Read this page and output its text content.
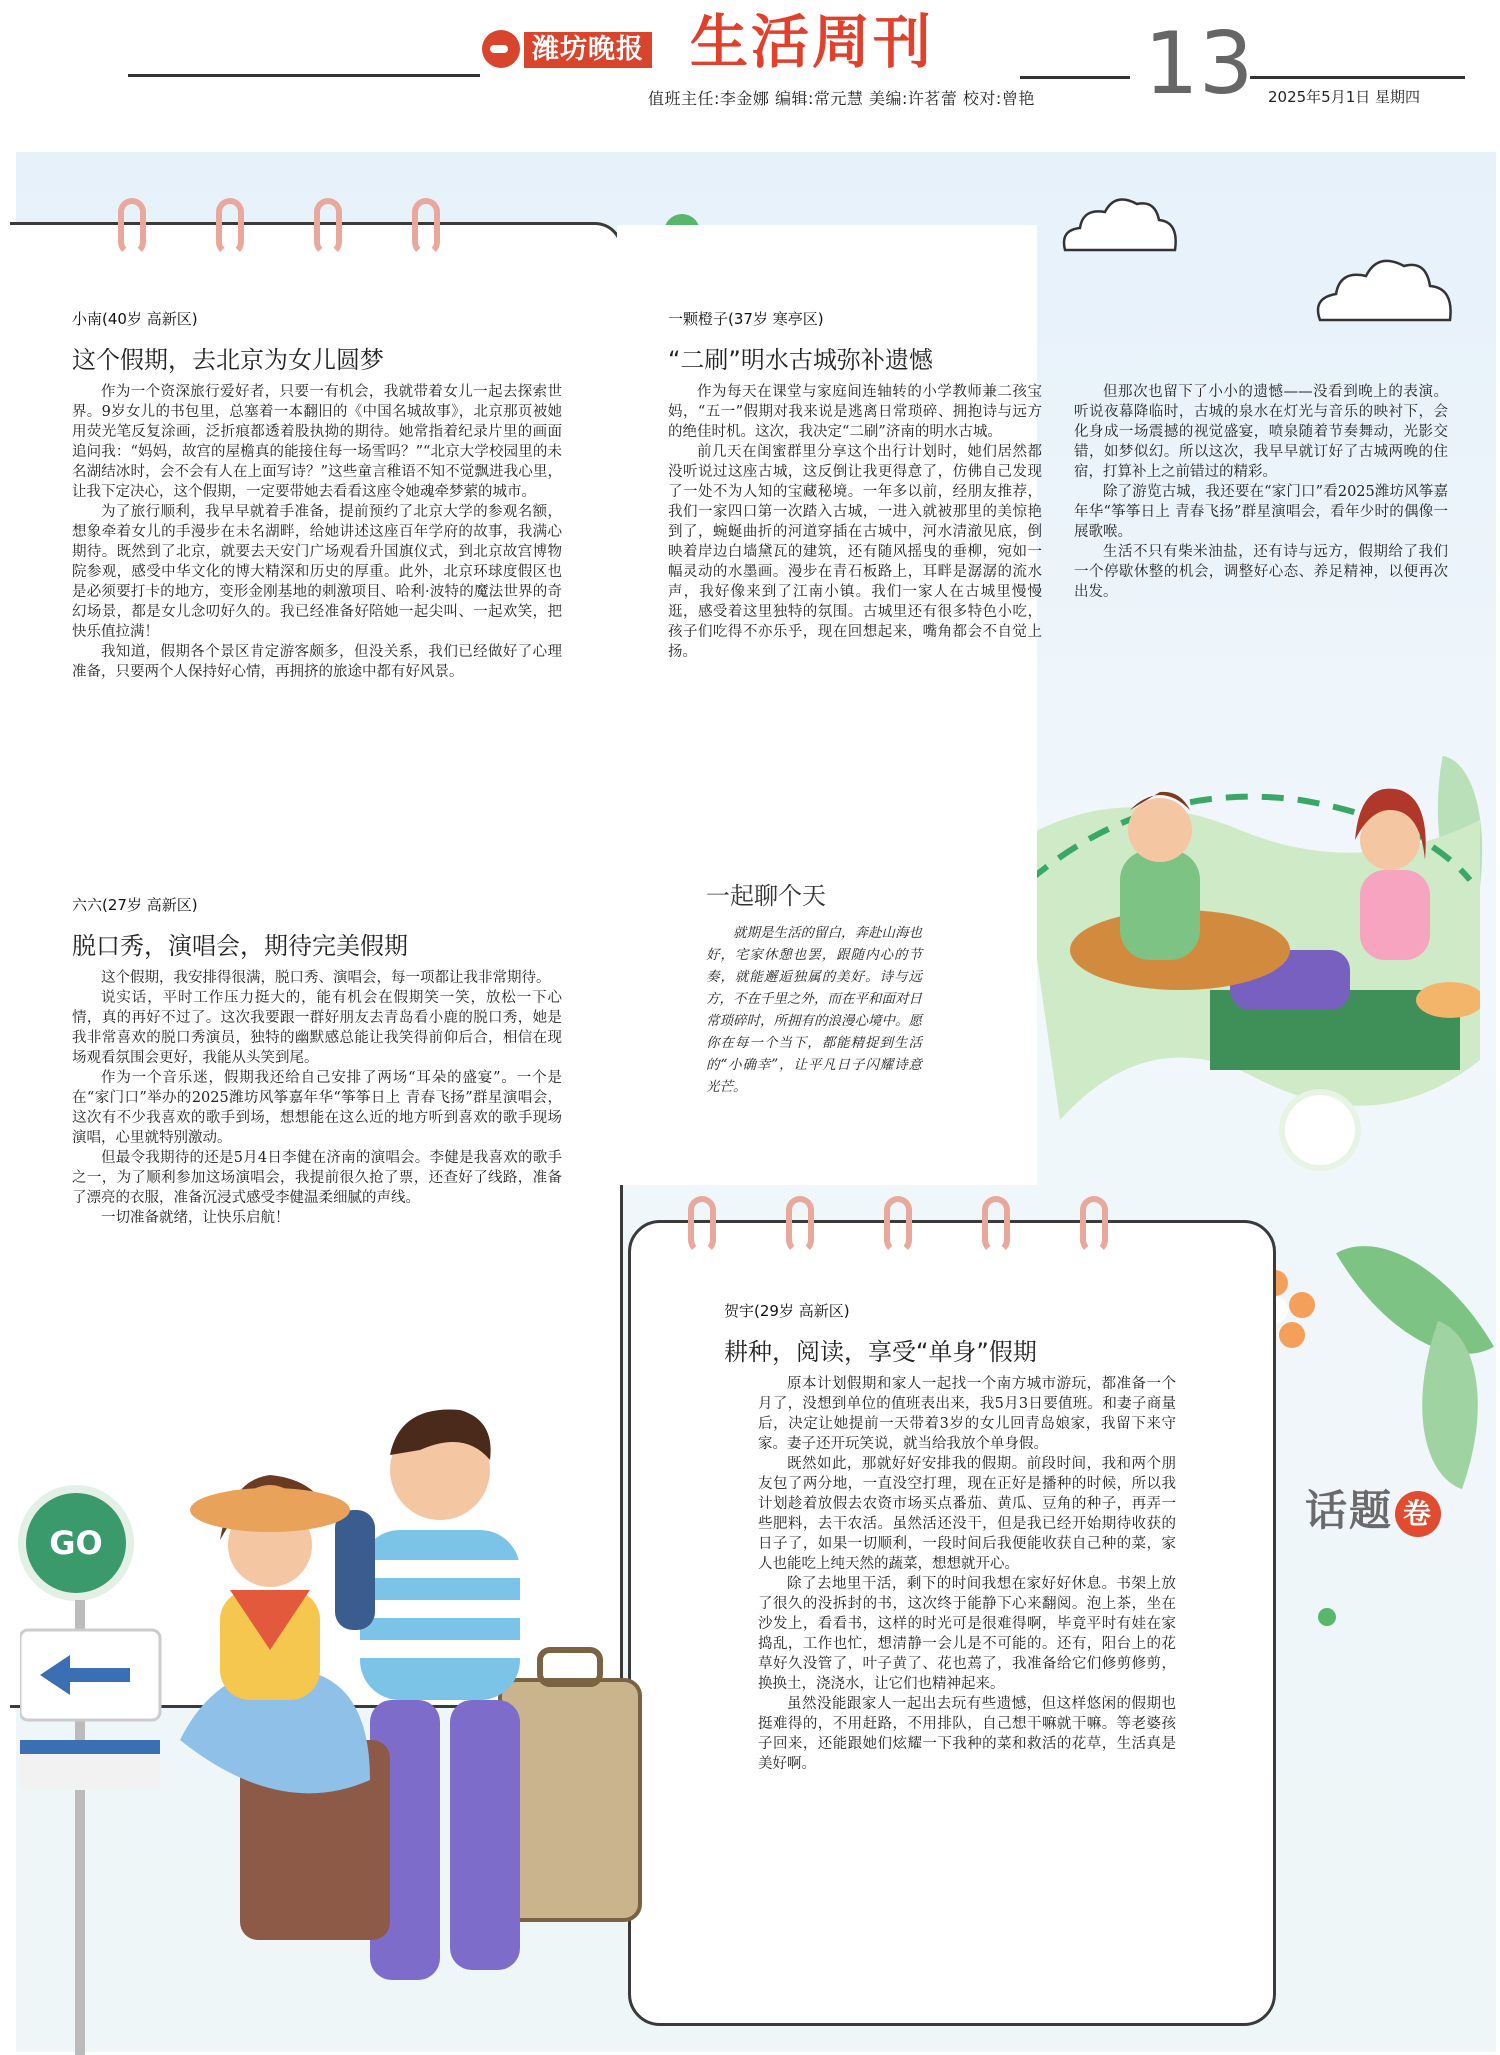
潍坊晚报 生活周刊
值班主任:李金娜 编辑:常元慧 美编:许茗蕾 校对:曾艳 13 2025年5月1日 星期四
小南(40岁 高新区)
这个假期，去北京为女儿圆梦

作为一个资深旅行爱好者，只要一有机会，我就带着女儿一起去探索世界。9岁女儿的书包里，总塞着一本翻旧的《中国名城故事》，北京那页被她用荧光笔反复涂画，泛折痕都透着股执拗的期待。她常指着纪录片里的画面追问我：“妈妈，故宫的屋檐真的能接住每一场雪吗？”“北京大学校园里的未名湖结冰时，会不会有人在上面写诗？”这些童言稚语不知不觉飘进我心里，让我下定决心，这个假期，一定要带她去看看这座令她魂牵梦萦的城市。

为了旅行顺利，我早早就着手准备，提前预约了北京大学的参观名额，想象牵着女儿的手漫步在未名湖畔，给她讲述这座百年学府的故事，我满心期待。既然到了北京，就要去天安门广场观看升国旗仪式，到北京故宫博物院参观，感受中华文化的博大精深和历史的厚重。此外，北京环球度假区也是必须要打卡的地方，变形金刚基地的刺激项目、哈利·波特的魔法世界的奇幻场景，都是女儿念叨好久的。我已经准备好陪她一起尖叫、一起欢笑，把快乐值拉满！

我知道，假期各个景区肯定游客颇多，但没关系，我们已经做好了心理准备，只要两个人保持好心情，再拥挤的旅途中都有好风景。

六六(27岁 高新区)
脱口秀，演唱会，期待完美假期

这个假期，我安排得很满，脱口秀、演唱会，每一项都让我非常期待。

说实话，平时工作压力挺大的，能有机会在假期笑一笑，放松一下心情，真的再好不过了。这次我要跟一群好朋友去青岛看小鹿的脱口秀，她是我非常喜欢的脱口秀演员，独特的幽默感总能让我笑得前仰后合，相信在现场观看氛围会更好，我能从头笑到尾。

作为一个音乐迷，假期我还给自己安排了两场“耳朵的盛宴”。一个是在“家门口”举办的2025潍坊风筝嘉年华“筝筝日上 青春飞扬”群星演唱会，这次有不少我喜欢的歌手到场，想想能在这么近的地方听到喜欢的歌手现场演唱，心里就特别激动。

但最令我期待的还是5月4日李健在济南的演唱会。李健是我喜欢的歌手之一，为了顺利参加这场演唱会，我提前很久抢了票，还查好了线路，准备了漂亮的衣服，准备沉浸式感受李健温柔细腻的声线。

一切准备就绪，让快乐启航！

一颗橙子(37岁 寒亭区)
“二刷”明水古城弥补遗憾

作为每天在课堂与家庭间连轴转的小学教师兼二孩宝妈，“五一”假期对我来说是逃离日常琐碎、拥抱诗与远方的绝佳时机。这次，我决定“二刷”济南的明水古城。

前几天在闺蜜群里分享这个出行计划时，她们居然都没听说过这座古城，这反倒让我更得意了，仿佛自己发现了一处不为人知的宝藏秘境。一年多以前，经朋友推荐，我们一家四口第一次踏入古城，一进入就被那里的美惊艳到了，蜿蜒曲折的河道穿插在古城中，河水清澈见底，倒映着岸边白墙黛瓦的建筑，还有随风摇曳的垂柳，宛如一幅灵动的水墨画。漫步在青石板路上，耳畔是潺潺的流水声，我好像来到了江南小镇。我们一家人在古城里慢慢逛，感受着这里独特的氛围。古城里还有很多特色小吃，孩子们吃得不亦乐乎，现在回想起来，嘴角都会不自觉上扬。

但那次也留下了小小的遗憾——没看到晚上的表演。听说夜幕降临时，古城的泉水在灯光与音乐的映衬下，会化身成一场震撼的视觉盛宴，喷泉随着节奏舞动，光影交错，如梦似幻。所以这次，我早早就订好了古城两晚的住宿，打算补上之前错过的精彩。

除了游览古城，我还要在“家门口”看2025潍坊风筝嘉年华“筝筝日上 青春飞扬”群星演唱会，看年少时的偶像一展歌喉。

生活不只有柴米油盐，还有诗与远方，假期给了我们一个停歇休整的机会，调整好心态、养足精神，以便再次出发。

一起聊个天
就期是生活的留白，奔赴山海也好，宅家休憩也罢，跟随内心的节奏，就能邂逅独属的美好。诗与远方，不在千里之外，而在平和面对日常琐碎时，所拥有的浪漫心境中。愿你在每一个当下，都能精捉到生活的“小确幸”，让平凡日子闪耀诗意光芒。
贺宇(29岁 高新区)
耕种，阅读，享受“单身”假期

原本计划假期和家人一起找一个南方城市游玩，都准备一个月了，没想到单位的值班表出来，我5月3日要值班。和妻子商量后，决定让她提前一天带着3岁的女儿回青岛娘家，我留下来守家。妻子还开玩笑说，就当给我放个单身假。

既然如此，那就好好安排我的假期。前段时间，我和两个朋友包了两分地，一直没空打理，现在正好是播种的时候，所以我计划趁着放假去农资市场买点番茄、黄瓜、豆角的种子，再弄一些肥料，去干农活。虽然活还没干，但是我已经开始期待收获的日子了，如果一切顺利，一段时间后我便能收获自己种的菜，家人也能吃上纯天然的蔬菜，想想就开心。

除了去地里干活，剩下的时间我想在家好好休息。书架上放了很久的没拆封的书，这次终于能静下心来翻阅。泡上茶，坐在沙发上，看看书，这样的时光可是很难得啊，毕竟平时有娃在家捣乱，工作也忙，想清静一会儿是不可能的。还有，阳台上的花草好久没管了，叶子黄了、花也蔫了，我准备给它们修剪修剪，换换土，浇浇水，让它们也精神起来。

虽然没能跟家人一起出去玩有些遗憾，但这样悠闲的假期也挺难得的，不用赶路，不用排队，自己想干嘛就干嘛。等老婆孩子回来，还能跟她们炫耀一下我种的菜和救活的花草，生活真是美好啊。

话题 卷
GO
